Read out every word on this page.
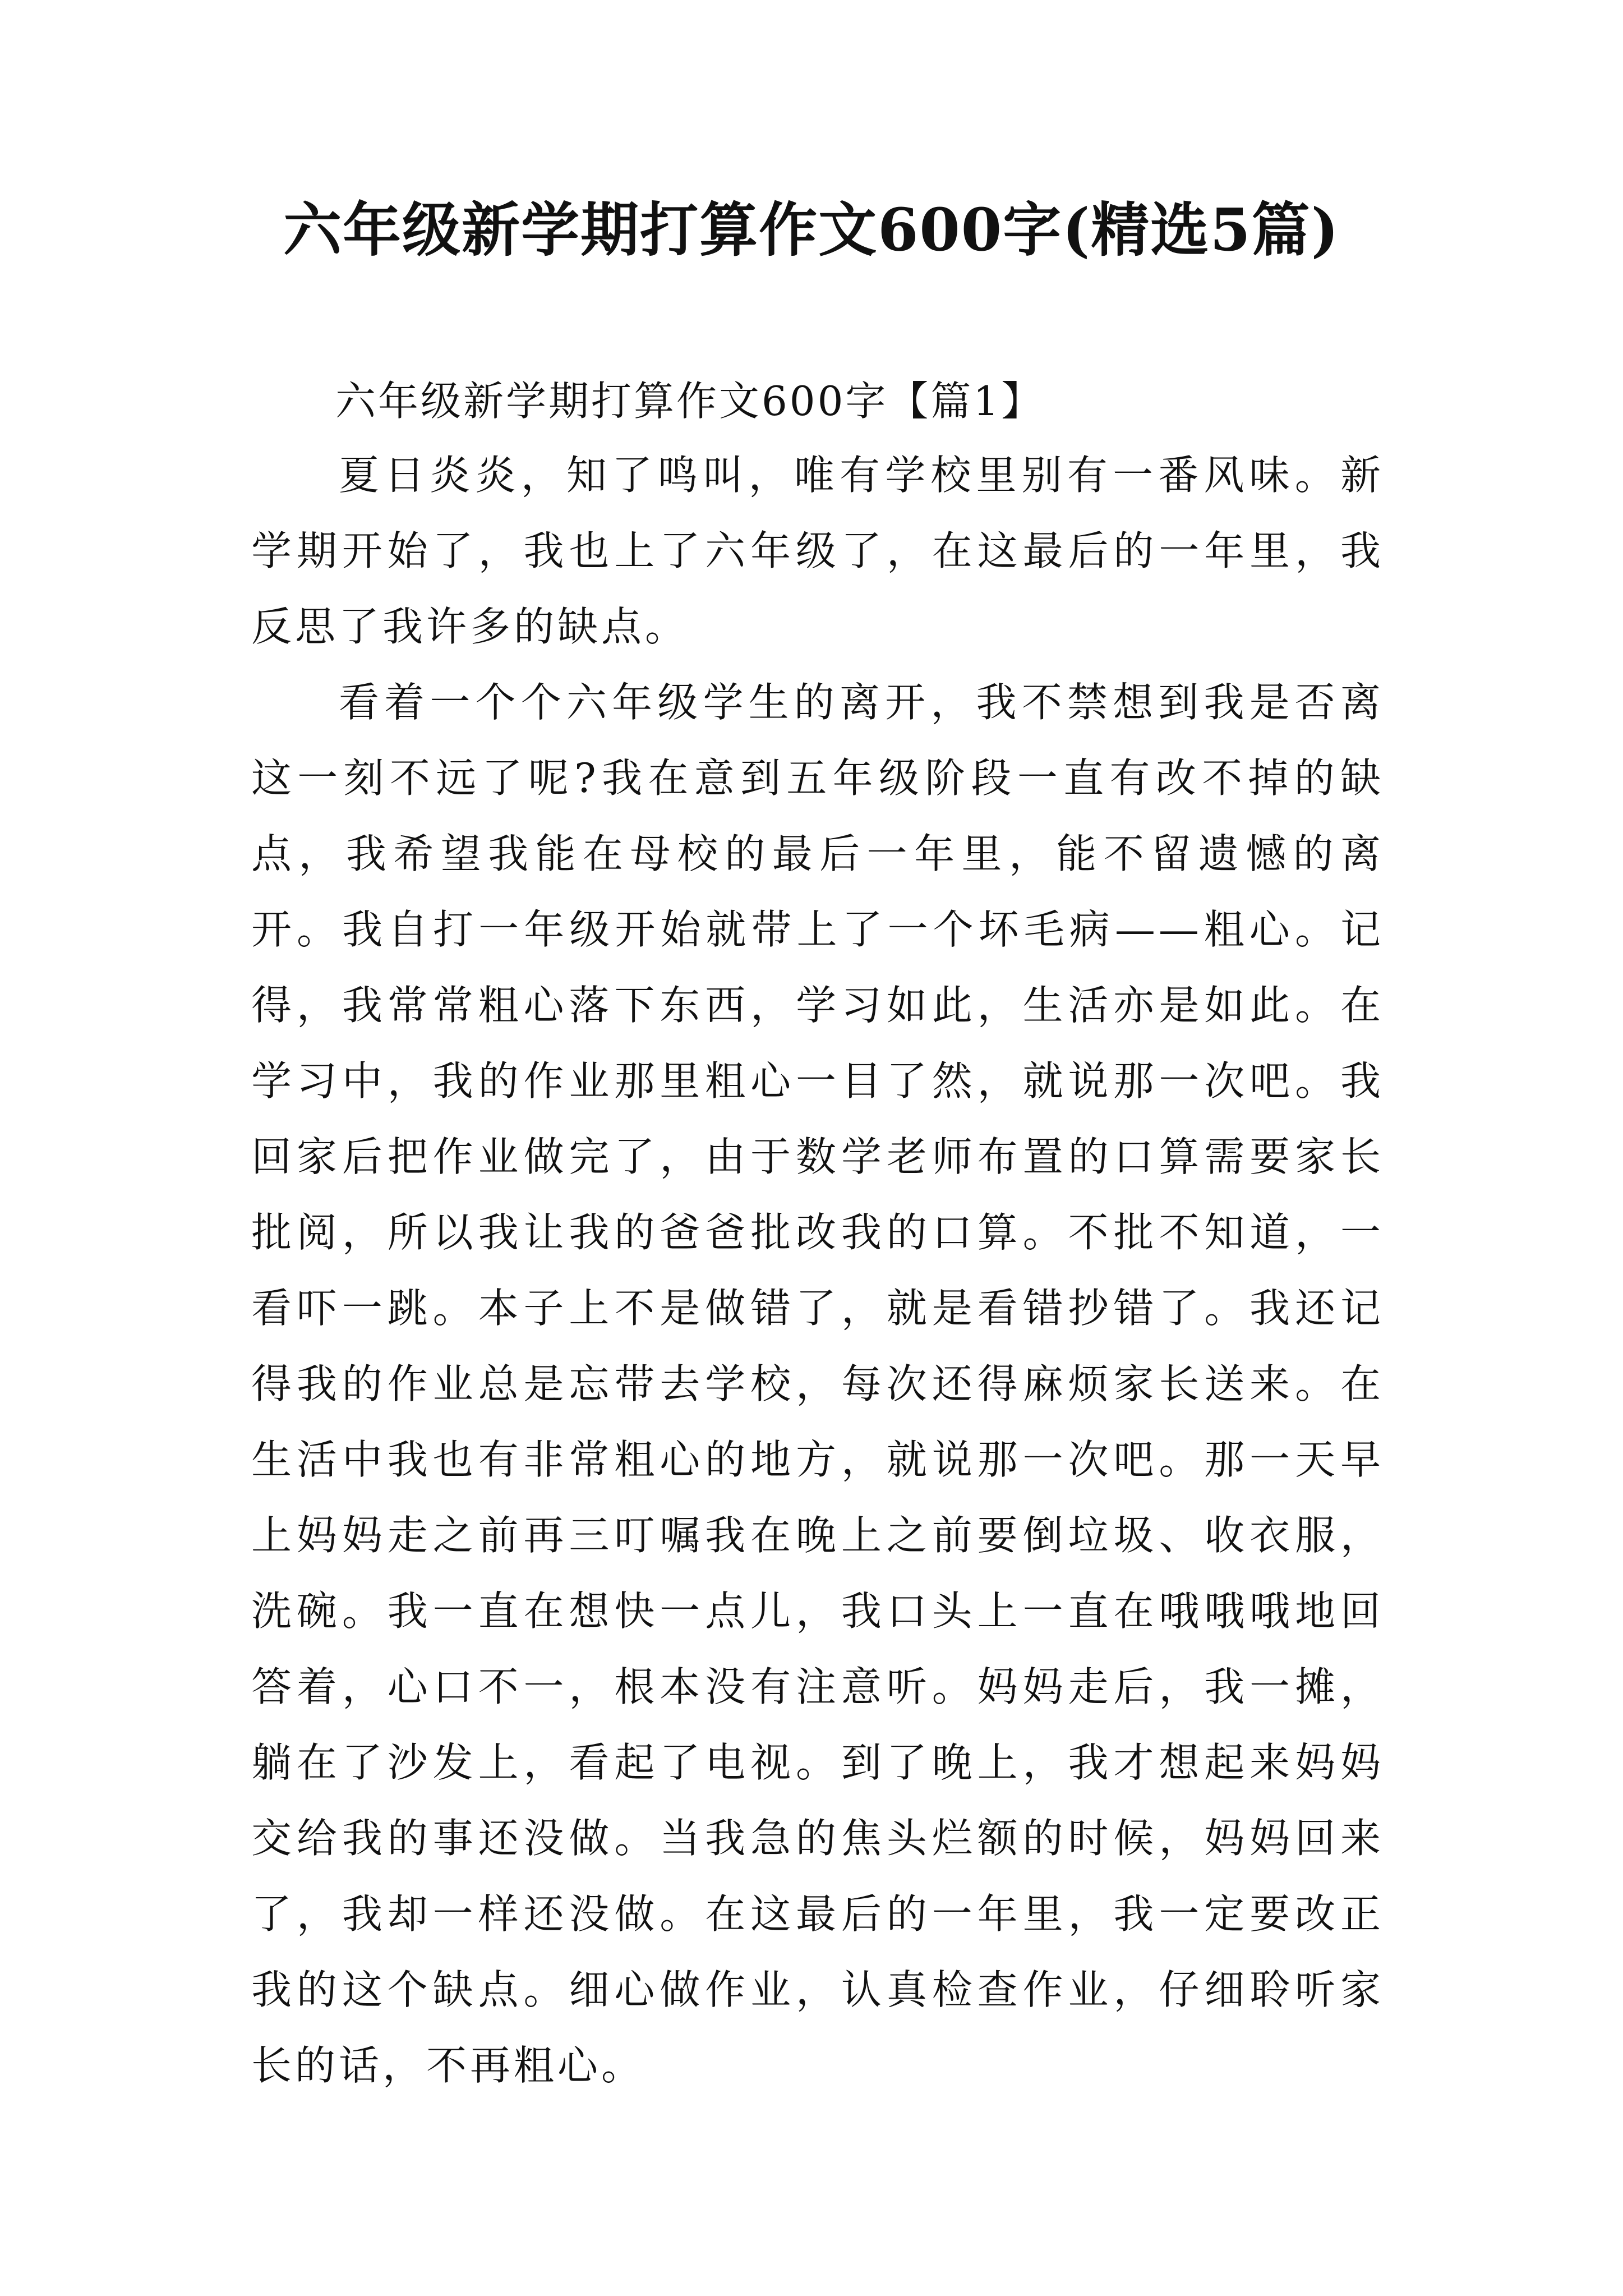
六年级新学期打算作文600字(精选5篇)

六年级新学期打算作文600字【篇1】

夏日炎炎，知了鸣叫，唯有学校里别有一番风味。新学期开始了，我也上了六年级了，在这最后的一年里，我反思了我许多的缺点。

看着一个个六年级学生的离开，我不禁想到我是否离这一刻不远了呢?我在意到五年级阶段一直有改不掉的缺点，我希望我能在母校的最后一年里，能不留遗憾的离开。我自打一年级开始就带上了一个坏毛病——粗心。记得，我常常粗心落下东西，学习如此，生活亦是如此。在学习中，我的作业那里粗心一目了然，就说那一次吧。我回家后把作业做完了，由于数学老师布置的口算需要家长批阅，所以我让我的爸爸批改我的口算。不批不知道，一看吓一跳。本子上不是做错了，就是看错抄错了。我还记得我的作业总是忘带去学校，每次还得麻烦家长送来。在生活中我也有非常粗心的地方，就说那一次吧。那一天早上妈妈走之前再三叮嘱我在晚上之前要倒垃圾、收衣服，洗碗。我一直在想快一点儿，我口头上一直在哦哦哦地回答着，心口不一，根本没有注意听。妈妈走后，我一摊，躺在了沙发上，看起了电视。到了晚上，我才想起来妈妈交给我的事还没做。当我急的焦头烂额的时候，妈妈回来了，我却一样还没做。在这最后的一年里，我一定要改正我的这个缺点。细心做作业，认真检查作业，仔细聆听家长的话，不再粗心。
